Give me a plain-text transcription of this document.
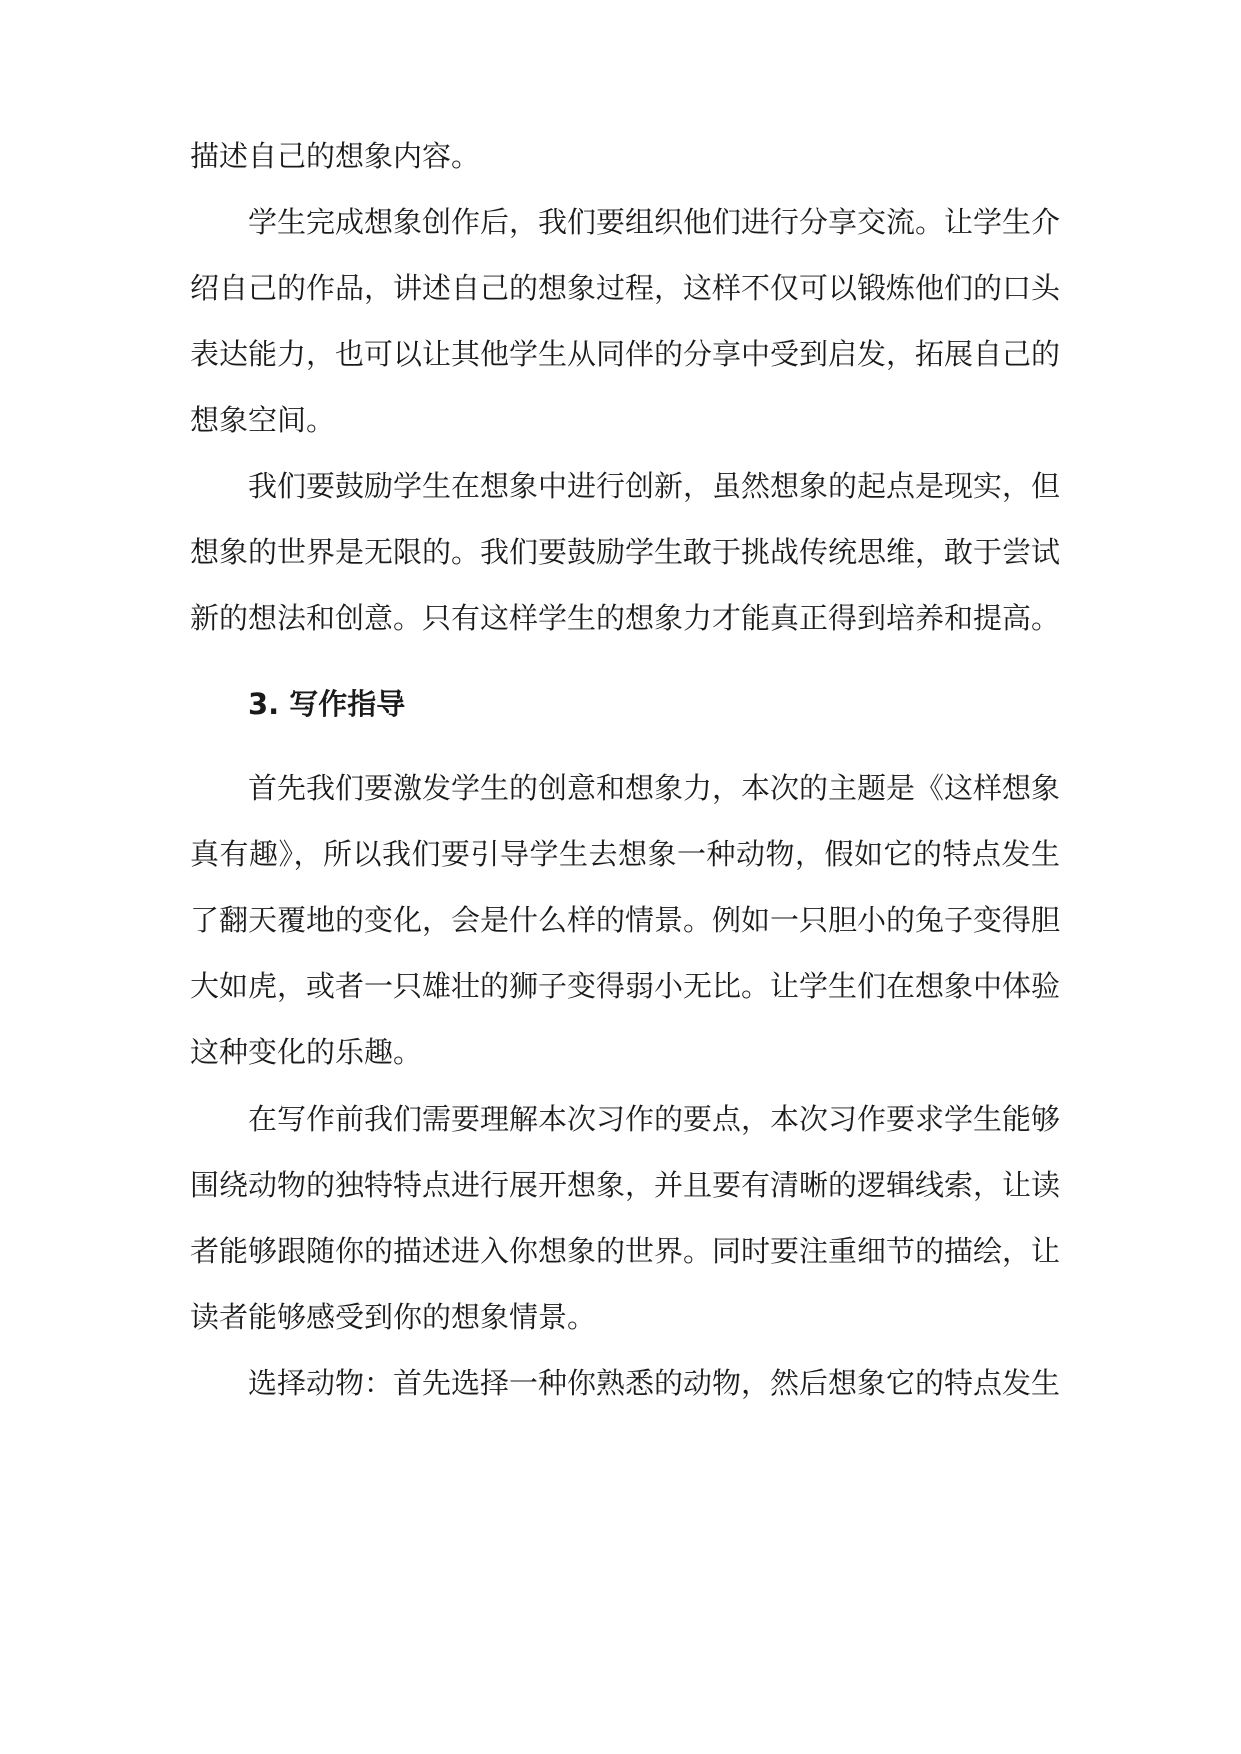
描述自己的想象内容。
学生完成想象创作后，我们要组织他们进行分享交流。让学生介
绍自己的作品，讲述自己的想象过程，这样不仅可以锻炼他们的口头
表达能力，也可以让其他学生从同伴的分享中受到启发，拓展自己的
想象空间。
我们要鼓励学生在想象中进行创新，虽然想象的起点是现实，但
想象的世界是无限的。我们要鼓励学生敢于挑战传统思维，敢于尝试
新的想法和创意。只有这样学生的想象力才能真正得到培养和提高。
3. 写作指导
首先我们要激发学生的创意和想象力，本次的主题是《这样想象
真有趣》，所以我们要引导学生去想象一种动物，假如它的特点发生
了翻天覆地的变化，会是什么样的情景。例如一只胆小的兔子变得胆
大如虎，或者一只雄壮的狮子变得弱小无比。让学生们在想象中体验
这种变化的乐趣。
在写作前我们需要理解本次习作的要点，本次习作要求学生能够
围绕动物的独特特点进行展开想象，并且要有清晰的逻辑线索，让读
者能够跟随你的描述进入你想象的世界。同时要注重细节的描绘，让
读者能够感受到你的想象情景。
选择动物：首先选择一种你熟悉的动物，然后想象它的特点发生
